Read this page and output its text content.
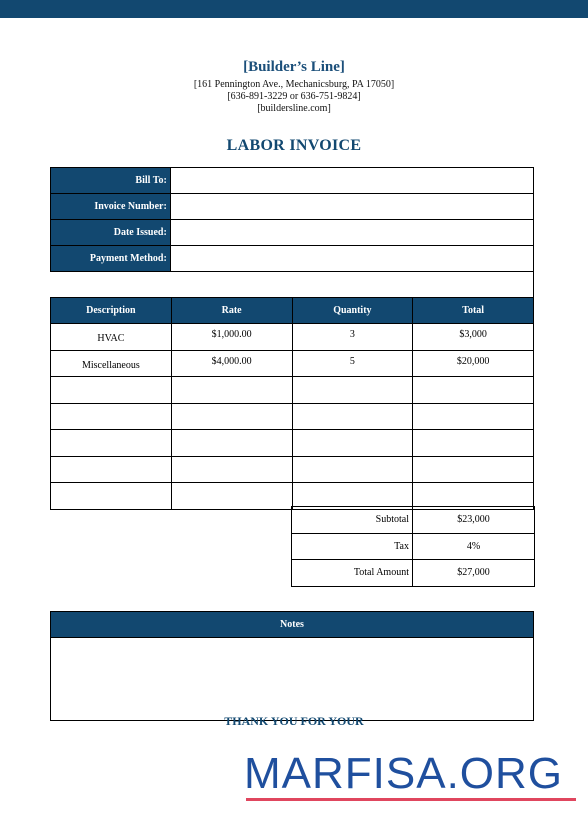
[Builder’s Line]
[161 Pennington Ave., Mechanicsburg, PA 17050]
[636-891-3229 or 636-751-9824]
[buildersline.com]
LABOR INVOICE
Bill To:	
Invoice Number:	
Date Issued:	
Payment Method:	
Description	Rate	Quantity	Total
HVAC	$1,000.00	3	$3,000
Miscellaneous	$4,000.00	5	$20,000

Subtotal	$23,000
Tax	4%
Total Amount	$27,000
Notes
THANK YOU FOR YOUR
MARFISA.ORG
